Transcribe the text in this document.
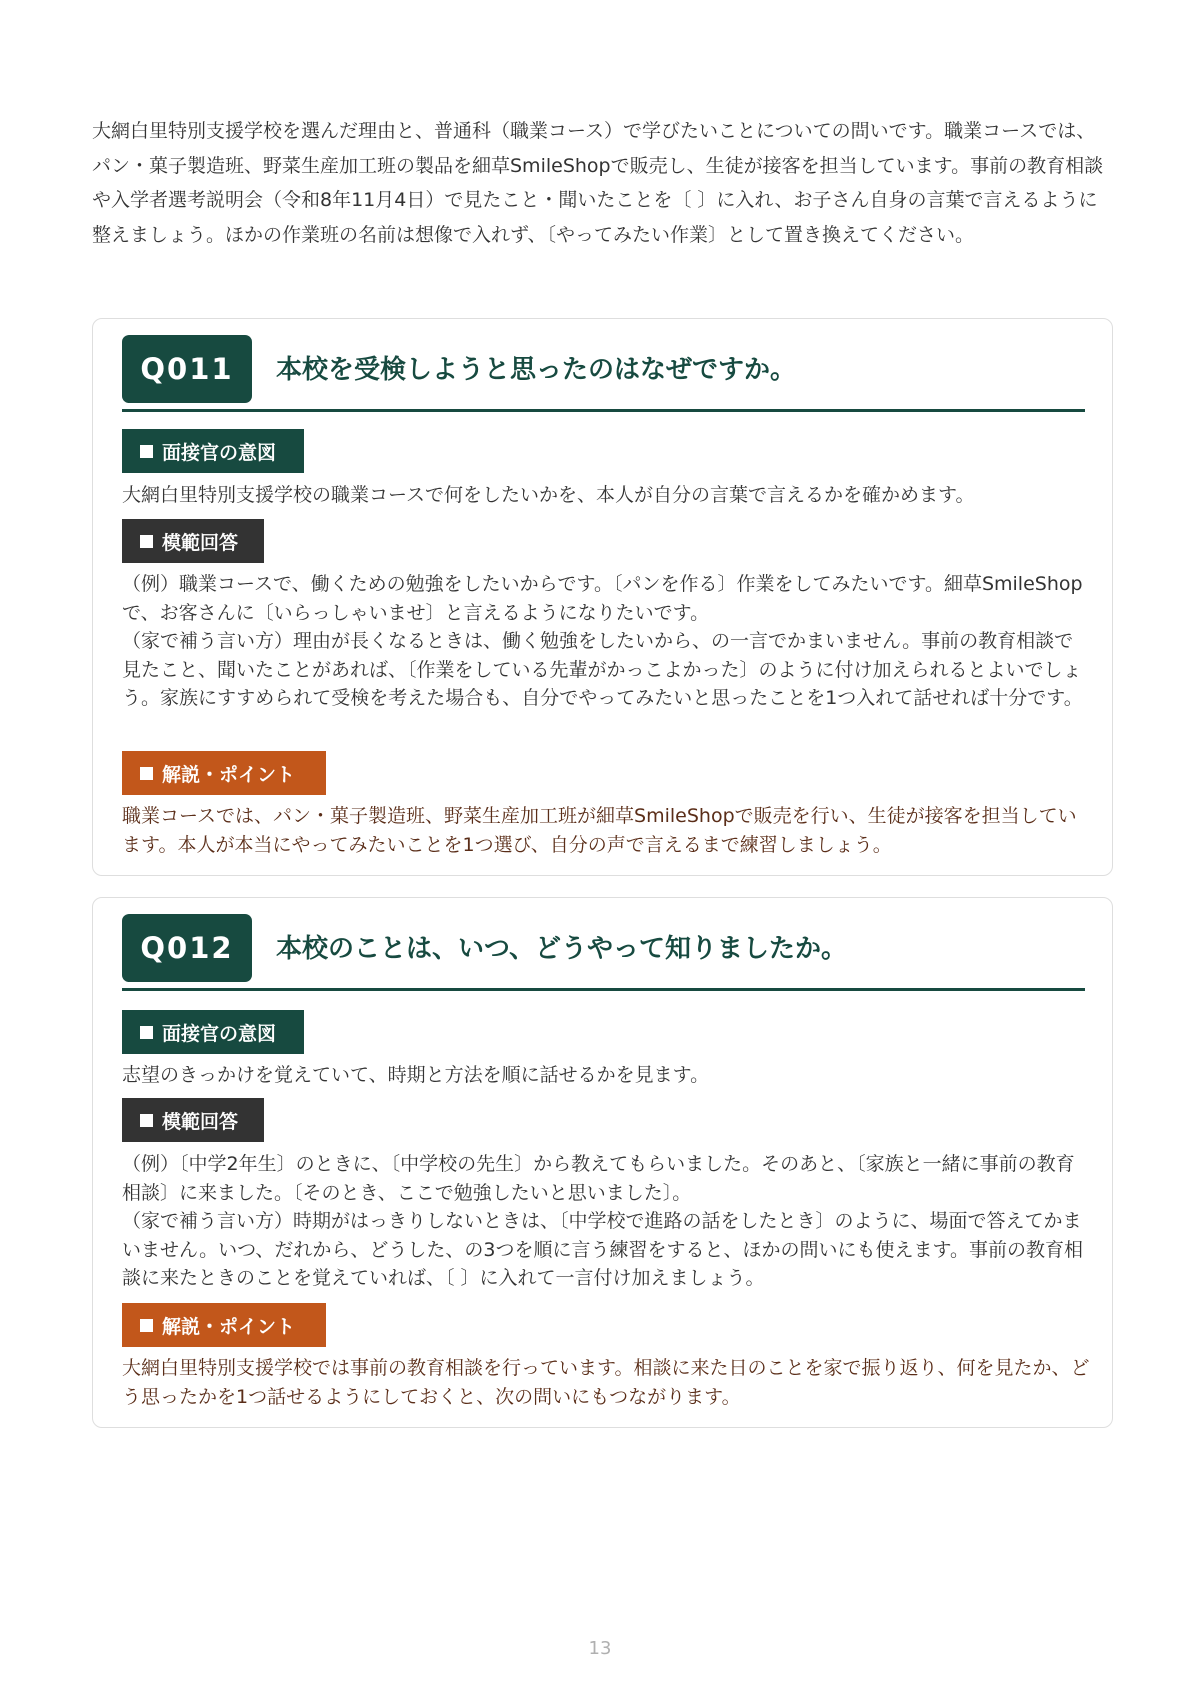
大網白里特別支援学校を選んだ理由と、普通科（職業コース）で学びたいことについての問いです。職業コースでは、パン・菓子製造班、野菜生産加工班の製品を細草SmileShopで販売し、生徒が接客を担当しています。事前の教育相談や入学者選考説明会（令和8年11月4日）で見たこと・聞いたことを〔 〕に入れ、お子さん自身の言葉で言えるように整えましょう。ほかの作業班の名前は想像で入れず、〔やってみたい作業〕として置き換えてください。

Q011	本校を受検しようと思ったのはなぜですか。
面接官の意図

大網白里特別支援学校の職業コースで何をしたいかを、本人が自分の言葉で言えるかを確かめます。

模範回答

（例）職業コースで、働くための勉強をしたいからです。〔パンを作る〕作業をしてみたいです。細草SmileShopで、お客さんに〔いらっしゃいませ〕と言えるようになりたいです。

（家で補う言い方）理由が長くなるときは、働く勉強をしたいから、の一言でかまいません。事前の教育相談で見たこと、聞いたことがあれば、〔作業をしている先輩がかっこよかった〕のように付け加えられるとよいでしょう。家族にすすめられて受検を考えた場合も、自分でやってみたいと思ったことを1つ入れて話せれば十分です。

解説・ポイント

職業コースでは、パン・菓子製造班、野菜生産加工班が細草SmileShopで販売を行い、生徒が接客を担当しています。本人が本当にやってみたいことを1つ選び、自分の声で言えるまで練習しましょう。

Q012	本校のことは、いつ、どうやって知りましたか。
面接官の意図

志望のきっかけを覚えていて、時期と方法を順に話せるかを見ます。

模範回答

（例）〔中学2年生〕のときに、〔中学校の先生〕から教えてもらいました。そのあと、〔家族と一緒に事前の教育相談〕に来ました。〔そのとき、ここで勉強したいと思いました〕。

（家で補う言い方）時期がはっきりしないときは、〔中学校で進路の話をしたとき〕のように、場面で答えてかまいません。いつ、だれから、どうした、の3つを順に言う練習をすると、ほかの問いにも使えます。事前の教育相談に来たときのことを覚えていれば、〔 〕に入れて一言付け加えましょう。

解説・ポイント

大網白里特別支援学校では事前の教育相談を行っています。相談に来た日のことを家で振り返り、何を見たか、どう思ったかを1つ話せるようにしておくと、次の問いにもつながります。

13
